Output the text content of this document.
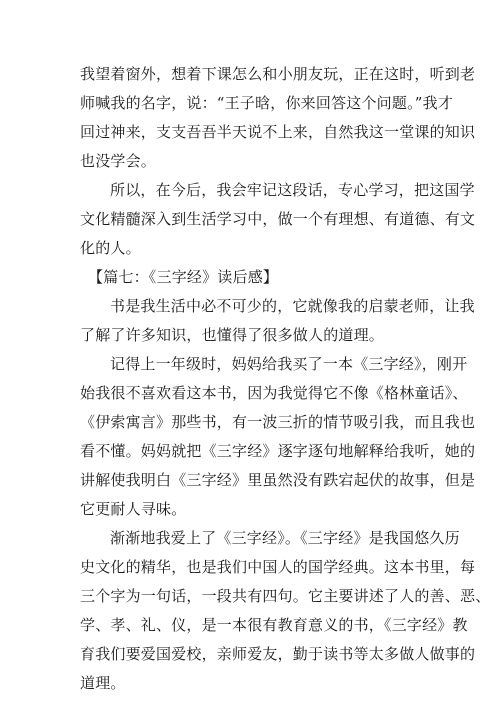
我望着窗外，想着下课怎么和小朋友玩，正在这时，听到老
师喊我的名字，说：“王子晗，你来回答这个问题。”我才
回过神来，支支吾吾半天说不上来，自然我这一堂课的知识
也没学会。
所以，在今后，我会牢记这段话，专心学习，把这国学
文化精髓深入到生活学习中，做一个有理想、有道德、有文
化的人。
【篇七：《三字经》读后感】
书是我生活中必不可少的，它就像我的启蒙老师，让我
了解了许多知识，也懂得了很多做人的道理。
记得上一年级时，妈妈给我买了一本《三字经》，刚开
始我很不喜欢看这本书，因为我觉得它不像《格林童话》、
《伊索寓言》那些书，有一波三折的情节吸引我，而且我也
看不懂。妈妈就把《三字经》逐字逐句地解释给我听，她的
讲解使我明白《三字经》里虽然没有跌宕起伏的故事，但是
它更耐人寻味。
渐渐地我爱上了《三字经》。《三字经》是我国悠久历
史文化的精华，也是我们中国人的国学经典。这本书里，每
三个字为一句话，一段共有四句。它主要讲述了人的善、恶、
学、孝、礼、仪，是一本很有教育意义的书，《三字经》教
育我们要爱国爱校，亲师爱友，勤于读书等太多做人做事的
道理。
